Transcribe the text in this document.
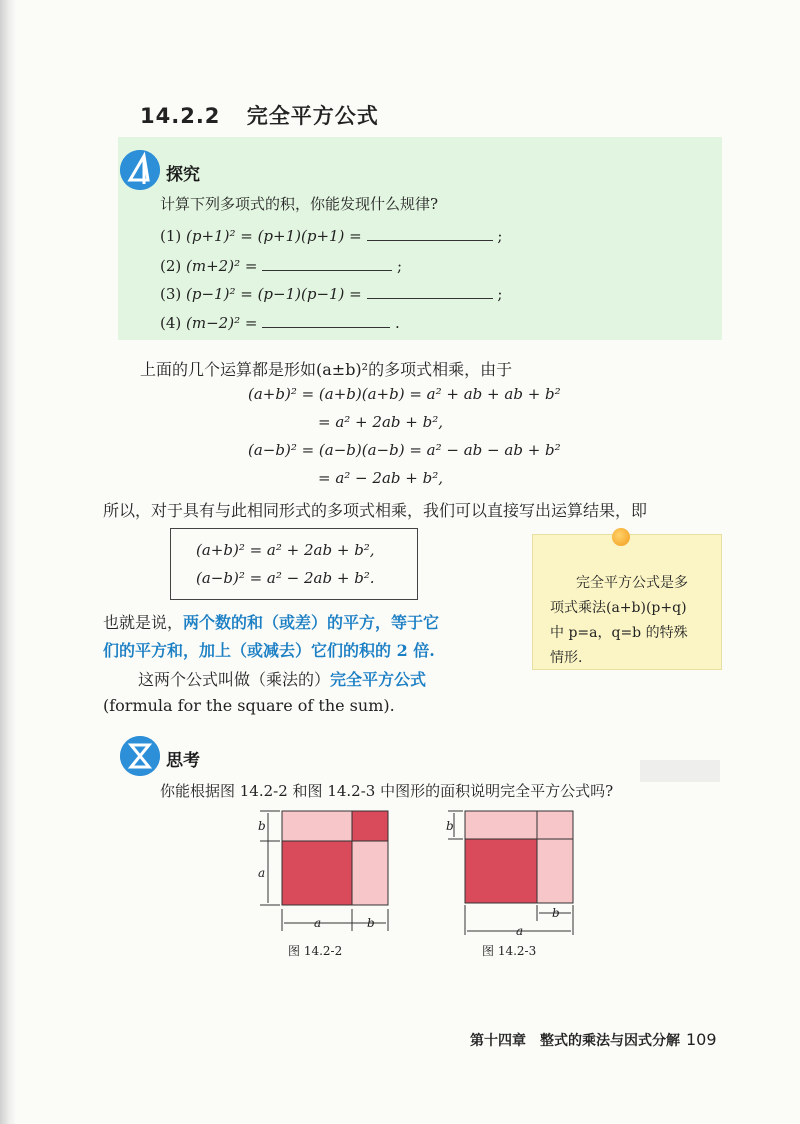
14.2.2 完全平方公式
探究
计算下列多项式的积，你能发现什么规律?
(1) (p+1)² = (p+1)(p+1) =	;
(2) (m+2)² =	;
(3) (p−1)² = (p−1)(p−1) =	;
(4) (m−2)² =	.
上面的几个运算都是形如(a±b)²的多项式相乘，由于
(a+b)² = (a+b)(a+b) = a² + ab + ab + b²
= a² + 2ab + b²,
(a−b)² = (a−b)(a−b) = a² − ab − ab + b²
= a² − 2ab + b²,
所以，对于具有与此相同形式的多项式相乘，我们可以直接写出运算结果，即
(a+b)² = a² + 2ab + b²,
(a−b)² = a² − 2ab + b².	完全平方公式是多
项式乘法(a+b)(p+q)
中 p=a，q=b 的特殊
情形.
也就是说，两个数的和（或差）的平方，等于它
们的平方和，加上（或减去）它们的积的 2 倍.
这两个公式叫做（乘法的）完全平方公式
(formula for the square of the sum).
思考
你能根据图 14.2-2 和图 14.2-3 中图形的面积说明完全平方公式吗?
b
a
a	b
图 14.2-2
b
b
a
图 14.2-3
第十四章　整式的乘法与因式分解 109
